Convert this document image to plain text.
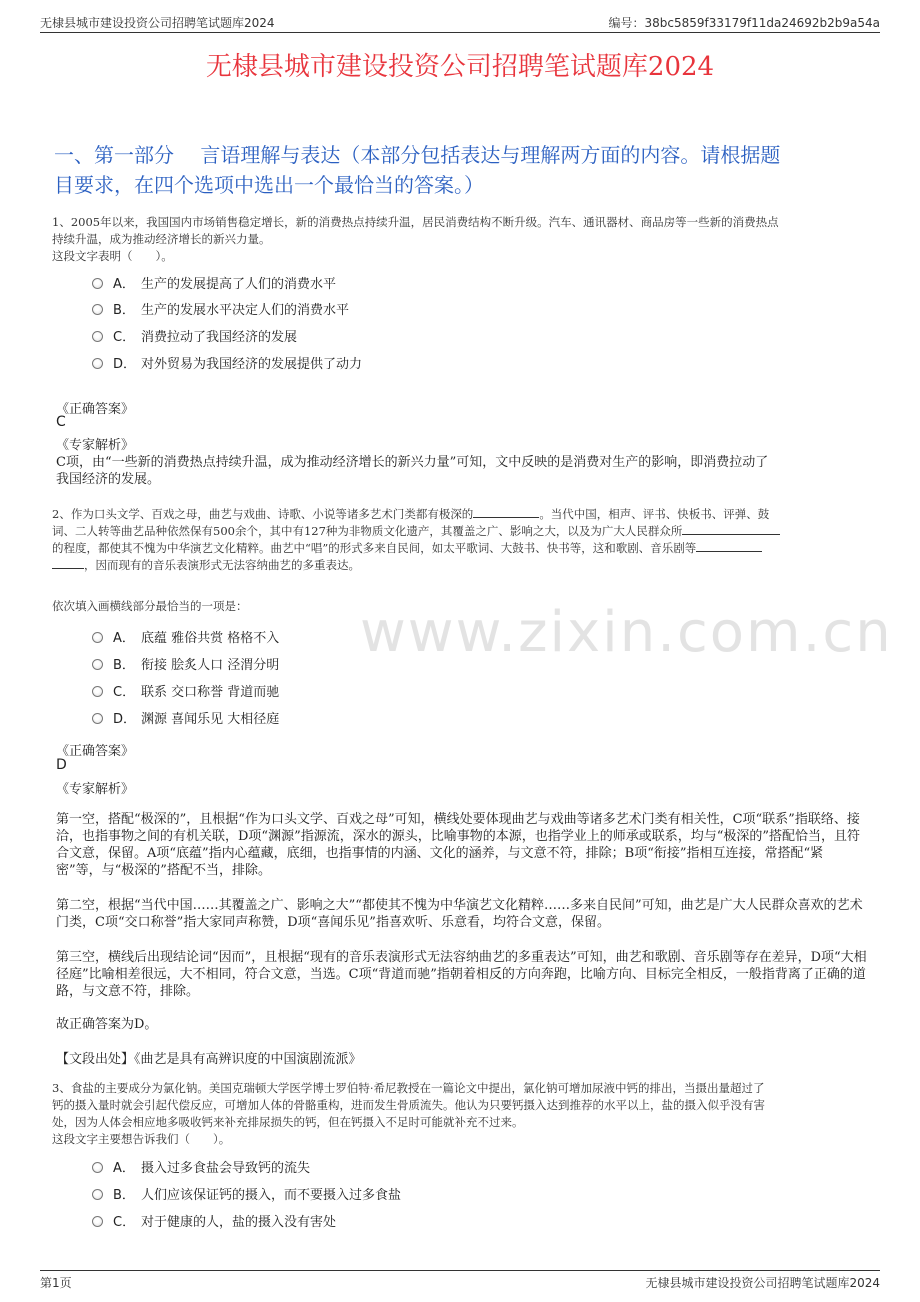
无棣县城市建设投资公司招聘笔试题库2024	编号：38bc5859f33179f11da24692b2b9a54a
无棣县城市建设投资公司招聘笔试题库2024
一、第一部分　 言语理解与表达（本部分包括表达与理解两方面的内容。请根据题
目要求，在四个选项中选出一个最恰当的答案。）
www.zixin.com.cn
1、2005年以来，我国国内市场销售稳定增长，新的消费热点持续升温，居民消费结构不断升级。汽车、通讯器材、商品房等一些新的消费热点
持续升温，成为推动经济增长的新兴力量。
这段文字表明（　　）。
A． 生产的发展提高了人们的消费水平
B． 生产的发展水平决定人们的消费水平
C． 消费拉动了我国经济的发展
D． 对外贸易为我国经济的发展提供了动力
《正确答案》
C
《专家解析》
C项，由“一些新的消费热点持续升温，成为推动经济增长的新兴力量”可知，文中反映的是消费对生产的影响，即消费拉动了
我国经济的发展。
2、作为口头文学、百戏之母，曲艺与戏曲、诗歌、小说等诸多艺术门类都有极深的	。当代中国，相声、评书、快板书、评弹、鼓
词、二人转等曲艺品种依然保有500余个，其中有127种为非物质文化遗产，其覆盖之广、影响之大，以及为广大人民群众所
的程度，都使其不愧为中华演艺文化精粹。曲艺中“唱”的形式多来自民间，如太平歌词、大鼓书、快书等，这和歌剧、音乐剧等
，因而现有的音乐表演形式无法容纳曲艺的多重表达。
依次填入画横线部分最恰当的一项是：
A． 底蕴 雅俗共赏 格格不入
B． 衔接 脍炙人口 泾渭分明
C． 联系 交口称誉 背道而驰
D． 渊源 喜闻乐见 大相径庭
《正确答案》
D
《专家解析》
第一空，搭配“极深的”，且根据“作为口头文学、百戏之母”可知，横线处要体现曲艺与戏曲等诸多艺术门类有相关性，C项“联系”指联络、接洽，也指事物之间的有机关联，D项“渊源”指源流，深水的源头，比喻事物的本源，也指学业上的师承或联系，均与“极深的”搭配恰当，且符合文意，保留。A项“底蕴”指内心蕴藏，底细，也指事情的内涵、文化的涵养，与文意不符，排除；B项“衔接”指相互连接，常搭配“紧密”等，与“极深的”搭配不当，排除。
第二空，根据“当代中国……其覆盖之广、影响之大”“都使其不愧为中华演艺文化精粹……多来自民间”可知，曲艺是广大人民群众喜欢的艺术门类，C项“交口称誉”指大家同声称赞，D项“喜闻乐见”指喜欢听、乐意看，均符合文意，保留。
第三空，横线后出现结论词“因而”，且根据“现有的音乐表演形式无法容纳曲艺的多重表达”可知，曲艺和歌剧、音乐剧等存在差异，D项“大相径庭”比喻相差很远，大不相同，符合文意，当选。C项“背道而驰”指朝着相反的方向奔跑，比喻方向、目标完全相反，一般指背离了正确的道路，与文意不符，排除。
故正确答案为D。
【文段出处】《曲艺是具有高辨识度的中国演剧流派》
3、食盐的主要成分为氯化钠。美国克瑞顿大学医学博士罗伯特·希尼教授在一篇论文中提出，氯化钠可增加尿液中钙的排出，当摄出量超过了
钙的摄入量时就会引起代偿反应，可增加人体的骨骼重构，进而发生骨质流失。他认为只要钙摄入达到推荐的水平以上，盐的摄入似乎没有害
处，因为人体会相应地多吸收钙来补充排尿损失的钙，但在钙摄入不足时可能就补充不过来。
这段文字主要想告诉我们（　　）。
A． 摄入过多食盐会导致钙的流失
B． 人们应该保证钙的摄入，而不要摄入过多食盐
C． 对于健康的人，盐的摄入没有害处
第1页	无棣县城市建设投资公司招聘笔试题库2024
